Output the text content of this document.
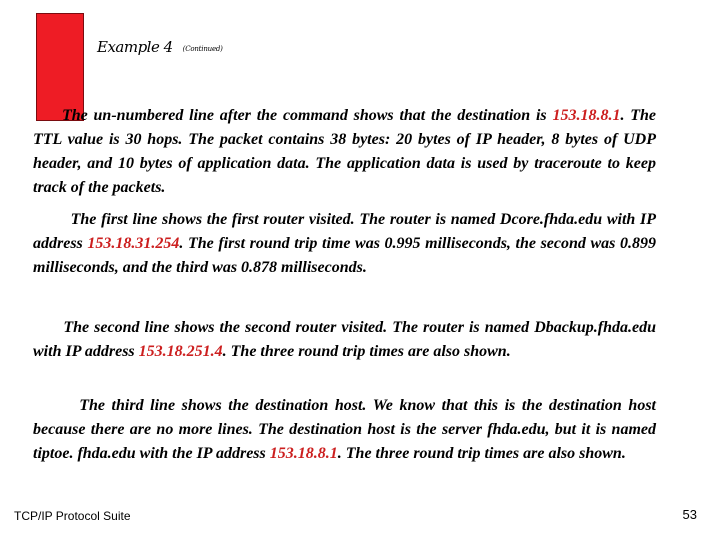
Example 4 (Continued)

The un-numbered line after the command shows that the destination is 153.18.8.1. The TTL value is 30 hops. The packet contains 38 bytes: 20 bytes of IP header, 8 bytes of UDP header, and 10 bytes of application data. The application data is used by traceroute to keep track of the packets.

The first line shows the first router visited. The router is named Dcore.fhda.edu with IP address 153.18.31.254. The first round trip time was 0.995 milliseconds, the second was 0.899 milliseconds, and the third was 0.878 milliseconds.

The second line shows the second router visited. The router is named Dbackup.fhda.edu with IP address 153.18.251.4. The three round trip times are also shown.

The third line shows the destination host. We know that this is the destination host because there are no more lines. The destination host is the server fhda.edu, but it is named tiptoe. fhda.edu with the IP address 153.18.8.1. The three round trip times are also shown.

TCP/IP Protocol Suite	53
